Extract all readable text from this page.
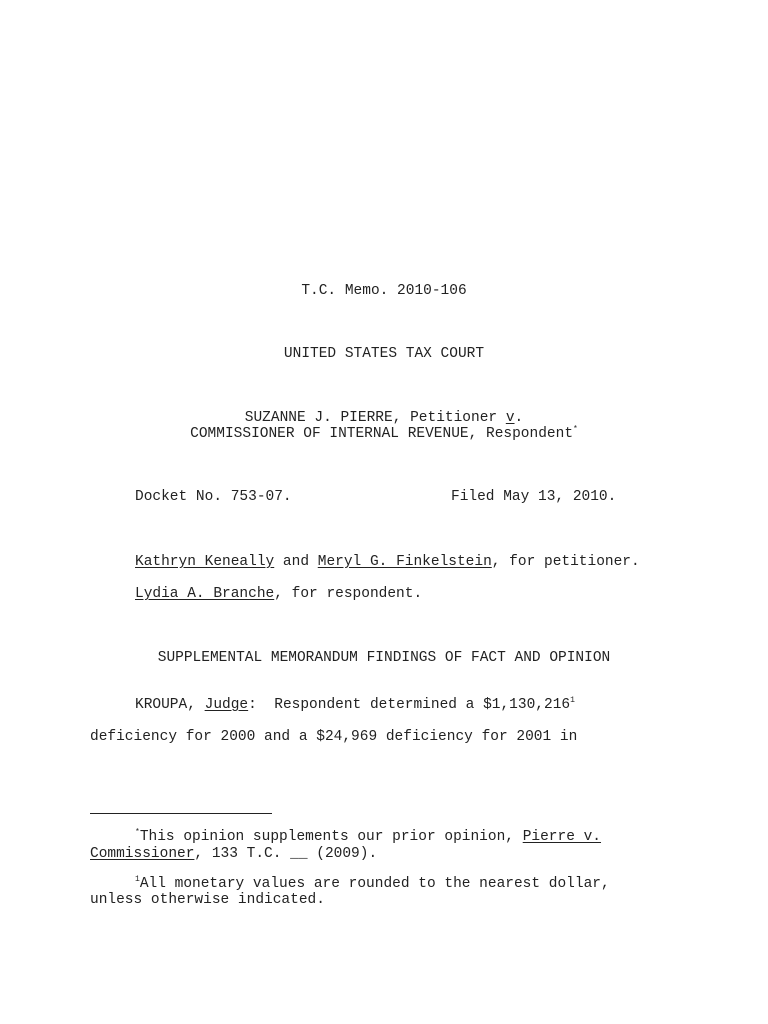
T.C. Memo. 2010-106
UNITED STATES TAX COURT
SUZANNE J. PIERRE, Petitioner v.
COMMISSIONER OF INTERNAL REVENUE, Respondent*
Docket No. 753-07.	Filed May 13, 2010.
Kathryn Keneally and Meryl G. Finkelstein, for petitioner.
Lydia A. Branche, for respondent.
SUPPLEMENTAL MEMORANDUM FINDINGS OF FACT AND OPINION
KROUPA, Judge:  Respondent determined a $1,130,216$^1$
deficiency for 2000 and a $24,969 deficiency for 2001 in
*This opinion supplements our prior opinion, Pierre v.
Commissioner, 133 T.C. __ (2009).
$^1$All monetary values are rounded to the nearest dollar,
unless otherwise indicated.
